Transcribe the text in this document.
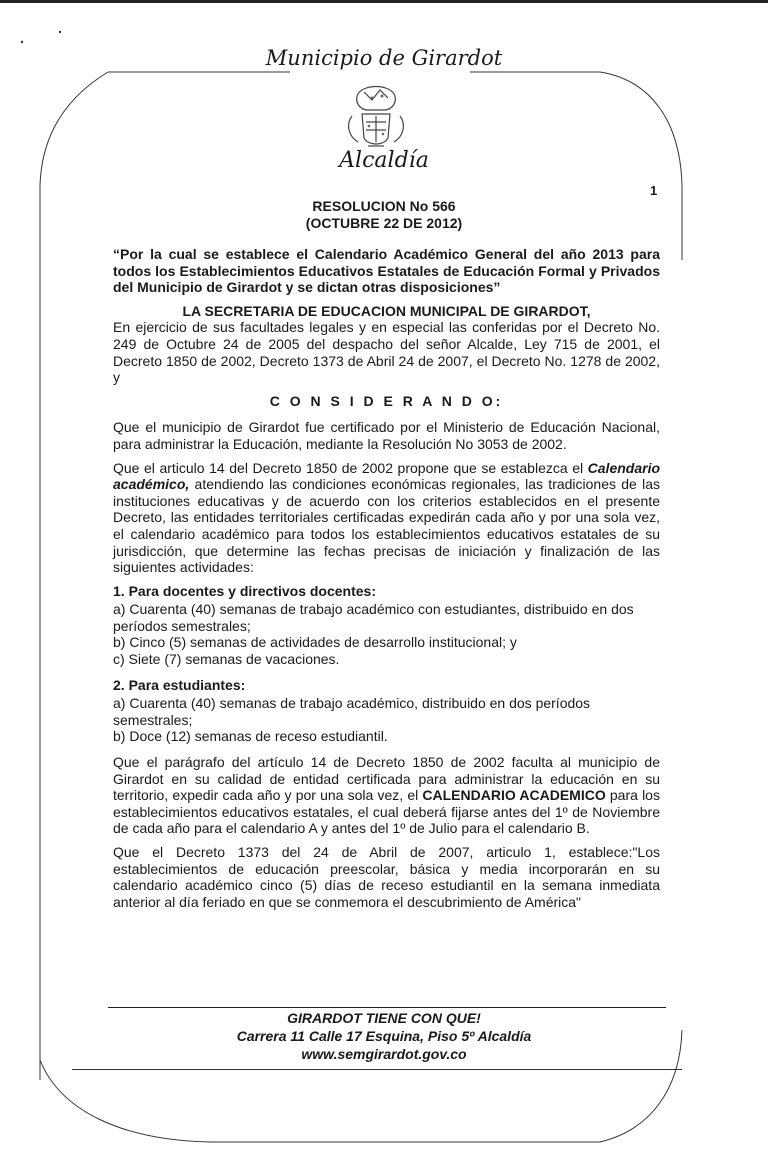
Municipio de Girardot
Alcaldía
1
RESOLUCION No 566
(OCTUBRE 22 DE 2012)

“Por la cual se establece el Calendario Académico General del año 2013 para todos los Establecimientos Educativos Estatales de Educación Formal y Privados del Municipio de Girardot y se dictan otras disposiciones”

LA SECRETARIA DE EDUCACION MUNICIPAL DE GIRARDOT,

En ejercicio de sus facultades legales y en especial las conferidas por el Decreto No. 249 de Octubre 24 de 2005 del despacho del señor Alcalde, Ley 715 de 2001, el Decreto 1850 de 2002, Decreto 1373 de Abril 24 de 2007, el Decreto No. 1278 de 2002, y

C O N S I D E R A N D O:

Que el municipio de Girardot fue certificado por el Ministerio de Educación Nacional, para administrar la Educación, mediante la Resolución No 3053 de 2002.

Que el articulo 14 del Decreto 1850 de 2002 propone que se establezca el Calendario académico, atendiendo las condiciones económicas regionales, las tradiciones de las instituciones educativas y de acuerdo con los criterios establecidos en el presente Decreto, las entidades territoriales certificadas expedirán cada año y por una sola vez, el calendario académico para todos los establecimientos educativos estatales de su jurisdicción, que determine las fechas precisas de iniciación y finalización de las siguientes actividades:

1. Para docentes y directivos docentes:

a) Cuarenta (40) semanas de trabajo académico con estudiantes, distribuido en dos períodos semestrales;

b) Cinco (5) semanas de actividades de desarrollo institucional; y

c) Siete (7) semanas de vacaciones.

2. Para estudiantes:

a) Cuarenta (40) semanas de trabajo académico, distribuido en dos períodos semestrales;

b) Doce (12) semanas de receso estudiantil.

Que el parágrafo del artículo 14 de Decreto 1850 de 2002 faculta al municipio de Girardot en su calidad de entidad certificada para administrar la educación en su territorio, expedir cada año y por una sola vez, el CALENDARIO ACADEMICO para los establecimientos educativos estatales, el cual deberá fijarse antes del 1º de Noviembre de cada año para el calendario A y antes del 1º de Julio para el calendario B.

Que el Decreto 1373 del 24 de Abril de 2007, articulo 1, establece:"Los establecimientos de educación preescolar, básica y media incorporarán en su calendario académico cinco (5) días de receso estudiantil en la semana inmediata anterior al día feriado en que se conmemora el descubrimiento de América"

GIRARDOT TIENE CON QUE!
Carrera 11 Calle 17 Esquina, Piso 5º Alcaldía
www.semgirardot.gov.co
